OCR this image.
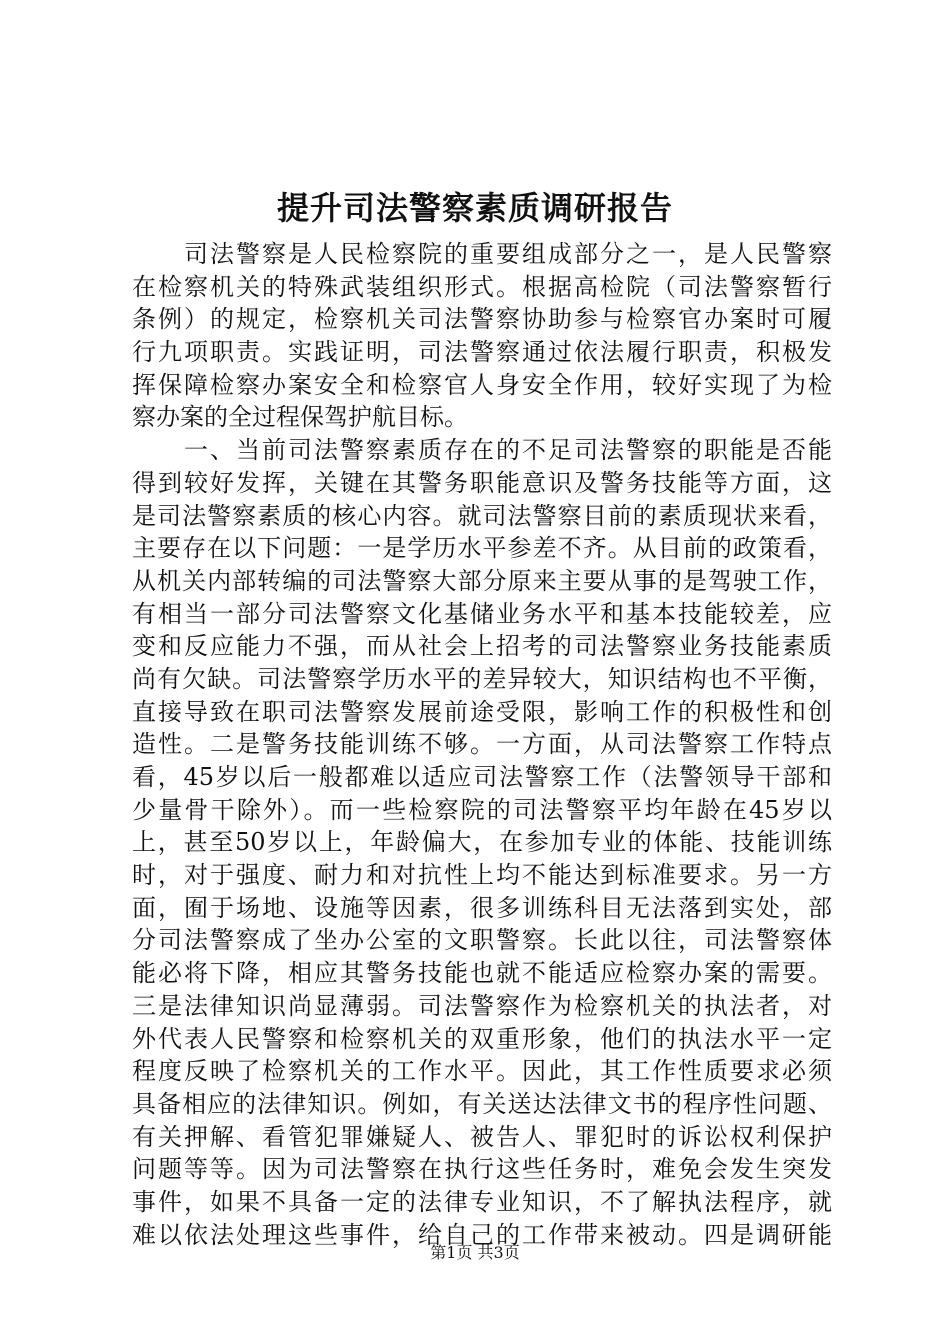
提升司法警察素质调研报告
　　司法警察是人民检察院的重要组成部分之一，是人民警察
在检察机关的特殊武装组织形式。根据高检院（司法警察暂行
条例）的规定，检察机关司法警察协助参与检察官办案时可履
行九项职责。实践证明，司法警察通过依法履行职责，积极发
挥保障检察办案安全和检察官人身安全作用，较好实现了为检
察办案的全过程保驾护航目标。
　　一、当前司法警察素质存在的不足司法警察的职能是否能
得到较好发挥，关键在其警务职能意识及警务技能等方面，这
是司法警察素质的核心内容。就司法警察目前的素质现状来看，
主要存在以下问题：一是学历水平参差不齐。从目前的政策看，
从机关内部转编的司法警察大部分原来主要从事的是驾驶工作，
有相当一部分司法警察文化基储业务水平和基本技能较差，应
变和反应能力不强，而从社会上招考的司法警察业务技能素质
尚有欠缺。司法警察学历水平的差异较大，知识结构也不平衡，
直接导致在职司法警察发展前途受限，影响工作的积极性和创
造性。二是警务技能训练不够。一方面，从司法警察工作特点
看，45岁以后一般都难以适应司法警察工作（法警领导干部和
少量骨干除外）。而一些检察院的司法警察平均年龄在45岁以
上，甚至50岁以上，年龄偏大，在参加专业的体能、技能训练
时，对于强度、耐力和对抗性上均不能达到标准要求。另一方
面，囿于场地、设施等因素，很多训练科目无法落到实处，部
分司法警察成了坐办公室的文职警察。长此以往，司法警察体
能必将下降，相应其警务技能也就不能适应检察办案的需要。
三是法律知识尚显薄弱。司法警察作为检察机关的执法者，对
外代表人民警察和检察机关的双重形象，他们的执法水平一定
程度反映了检察机关的工作水平。因此，其工作性质要求必须
具备相应的法律知识。例如，有关送达法律文书的程序性问题、
有关押解、看管犯罪嫌疑人、被告人、罪犯时的诉讼权利保护
问题等等。因为司法警察在执行这些任务时，难免会发生突发
事件，如果不具备一定的法律专业知识，不了解执法程序，就
难以依法处理这些事件，给自己的工作带来被动。四是调研能
第1页 共3页
